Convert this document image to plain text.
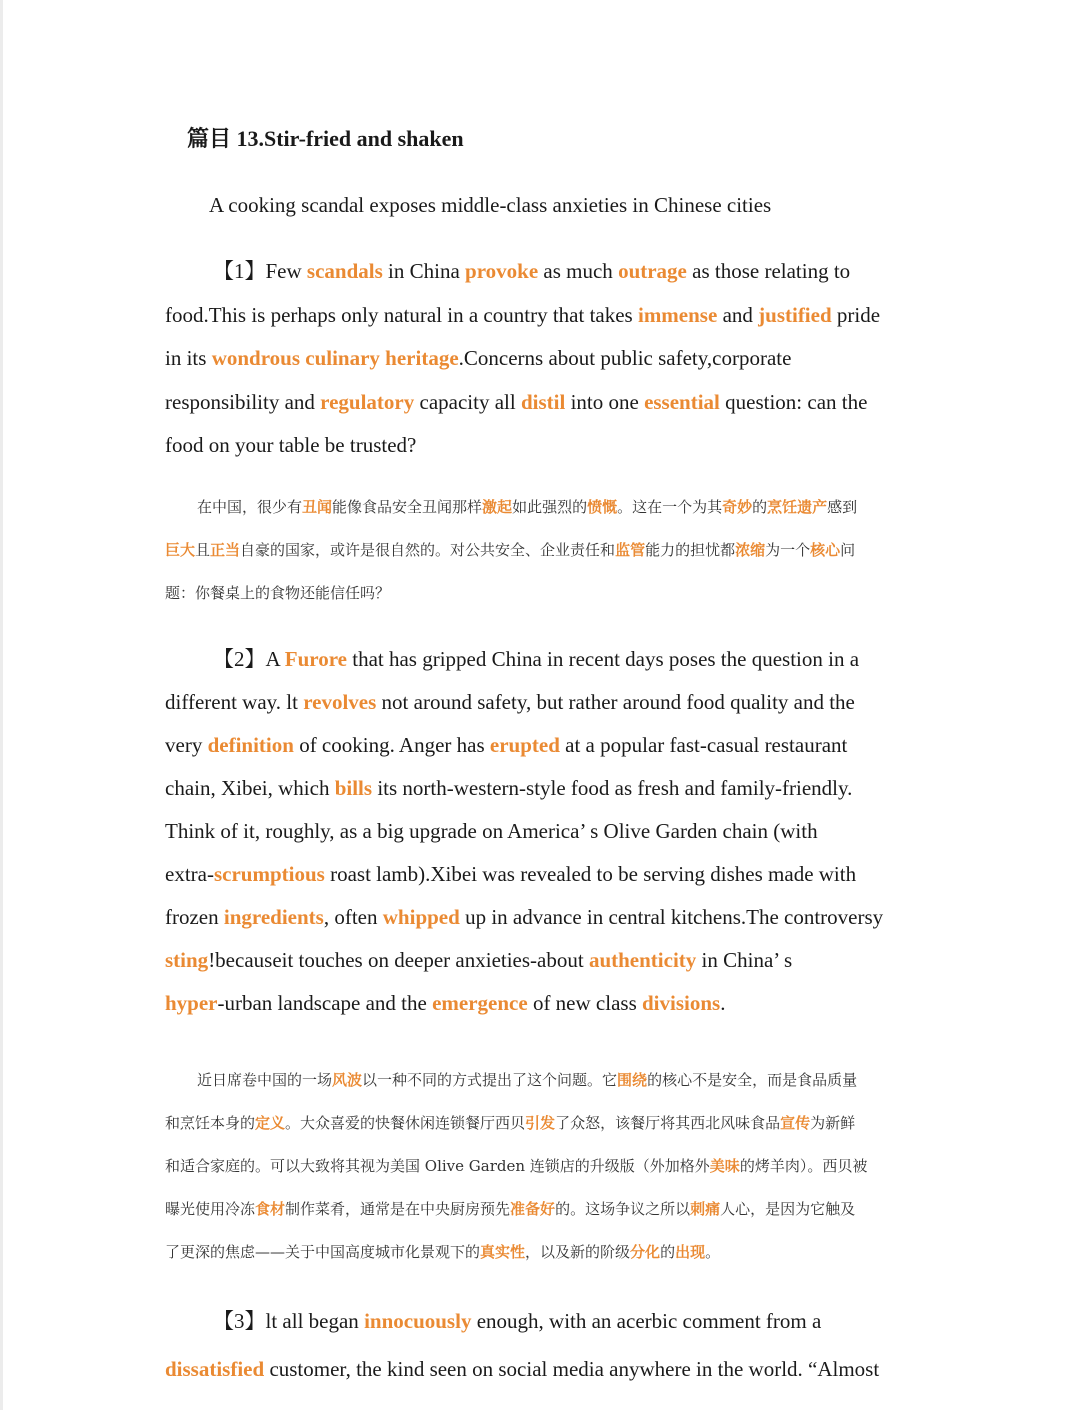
篇目 13.Stir-fried and shaken
A cooking scandal exposes middle-class anxieties in Chinese cities
【1】Few scandals in China provoke as much outrage as those relating to
food.This is perhaps only natural in a country that takes immense and justified pride
in its wondrous culinary heritage.Concerns about public safety,corporate
responsibility and regulatory capacity all distil into one essential question: can the
food on your table be trusted?
在中国，很少有丑闻能像食品安全丑闻那样激起如此强烈的愤慨。这在一个为其奇妙的烹饪遗产感到
巨大且正当自豪的国家，或许是很自然的。对公共安全、企业责任和监管能力的担忧都浓缩为一个核心问
题：你餐桌上的食物还能信任吗？
【2】A Furore that has gripped China in recent days poses the question in a
different way. lt revolves not around safety, but rather around food quality and the
very definition of cooking. Anger has erupted at a popular fast-casual restaurant
chain, Xibei, which bills its north-western-style food as fresh and family-friendly.
Think of it, roughly, as a big upgrade on America’ s Olive Garden chain (with
extra-scrumptious roast lamb).Xibei was revealed to be serving dishes made with
frozen ingredients, often whipped up in advance in central kitchens.The controversy
sting!becauseit touches on deeper anxieties-about authenticity in China’ s
hyper-urban landscape and the emergence of new class divisions.
近日席卷中国的一场风波以一种不同的方式提出了这个问题。它围绕的核心不是安全，而是食品质量
和烹饪本身的定义。大众喜爱的快餐休闲连锁餐厅西贝引发了众怒，该餐厅将其西北风味食品宣传为新鲜
和适合家庭的。可以大致将其视为美国 Olive Garden 连锁店的升级版（外加格外美味的烤羊肉）。西贝被
曝光使用冷冻食材制作菜肴，通常是在中央厨房预先准备好的。这场争议之所以刺痛人心，是因为它触及
了更深的焦虑——关于中国高度城市化景观下的真实性，以及新的阶级分化的出现。
【3】lt all began innocuously enough, with an acerbic comment from a
dissatisfied customer, the kind seen on social media anywhere in the world. “Almost
